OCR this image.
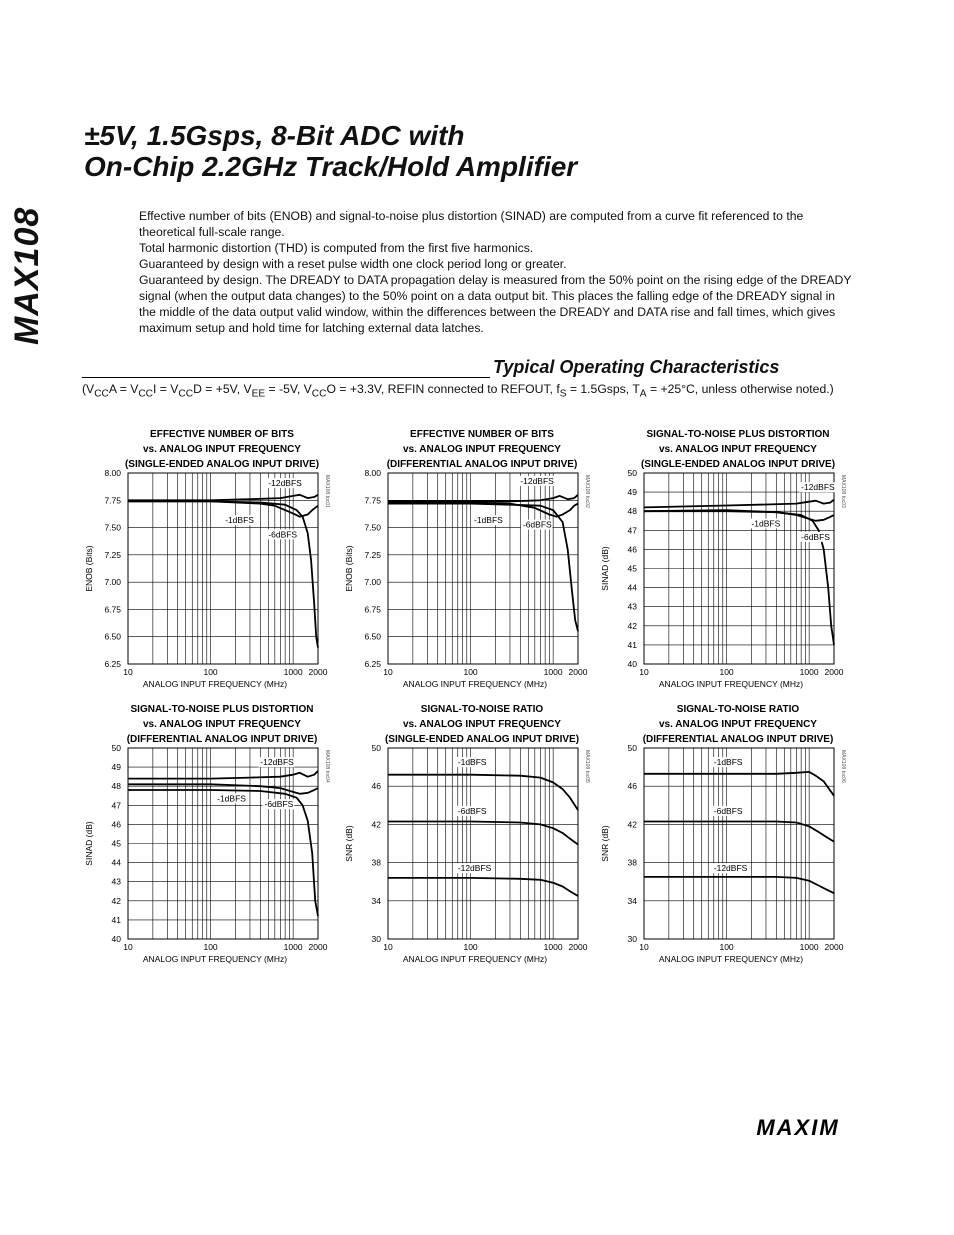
MAX108
±5V, 1.5Gsps, 8-Bit ADC with
On-Chip 2.2GHz Track/Hold Amplifier

Effective number of bits (ENOB) and signal-to-noise plus distortion (SINAD) are computed from a curve fit referenced to the theoretical full-scale range.

Total harmonic distortion (THD) is computed from the first five harmonics.

Guaranteed by design with a reset pulse width one clock period long or greater.

Guaranteed by design. The DREADY to DATA propagation delay is measured from the 50% point on the rising edge of the DREADY signal (when the output data changes) to the 50% point on a data output bit. This places the falling edge of the DREADY signal in the middle of the data output valid window, within the differences between the DREADY and DATA rise and fall times, which gives maximum setup and hold time for latching external data latches.

Typical Operating Characteristics
($V_{CC}A = V_{CC}I = V_{CC}D = +5V$, $V_{EE} = -5V$, $V_{CC}O = +3.3V$, REFIN connected to REFOUT, $f_S$ = 1.5Gsps, $T_A = +25^\circ C$, unless otherwise noted.)
EFFECTIVE NUMBER OF BITS
vs. ANALOG INPUT FREQUENCY
(SINGLE-ENDED ANALOG INPUT DRIVE)
8.00
7.75
7.50
7.25
7.00
6.75
6.50
6.25
10	100	1000 2000
ANALOG INPUT FREQUENCY (MHz)
ENOB (Bits)
MAX108 toc01
-12dBFS
-1dBFS
-6dBFS
EFFECTIVE NUMBER OF BITS
vs. ANALOG INPUT FREQUENCY
(DIFFERENTIAL ANALOG INPUT DRIVE)
8.00
7.75
7.50
7.25
7.00
6.75
6.50
6.25
10	100	1000 2000
ANALOG INPUT FREQUENCY (MHz)
ENOB (Bits)
MAX108 toc02
-12dBFS
-1dBFS -6dBFS
SIGNAL-TO-NOISE PLUS DISTORTION
vs. ANALOG INPUT FREQUENCY
(SINGLE-ENDED ANALOG INPUT DRIVE)
50
49
48
47
46
45
44
43
42
41
40
10	100	1000 2000
ANALOG INPUT FREQUENCY (MHz)
SINAD (dB)
MAX108 toc03
-12dBFS
-1dBFS
-6dBFS
SIGNAL-TO-NOISE PLUS DISTORTION
vs. ANALOG INPUT FREQUENCY
(DIFFERENTIAL ANALOG INPUT DRIVE)
50
49
48
47
46
45
44
43
42
41
40
10	100	1000 2000
ANALOG INPUT FREQUENCY (MHz)
SINAD (dB)
MAX108 toc04
-12dBFS
-1dBFS
-6dBFS
SIGNAL-TO-NOISE RATIO
vs. ANALOG INPUT FREQUENCY
(SINGLE-ENDED ANALOG INPUT DRIVE)
50
46
42
38
34
30
10	100	1000 2000
ANALOG INPUT FREQUENCY (MHz)
SNR (dB)
MAX108 toc05
-1dBFS
-6dBFS
-12dBFS
SIGNAL-TO-NOISE RATIO
vs. ANALOG INPUT FREQUENCY
(DIFFERENTIAL ANALOG INPUT DRIVE)
50
46
42
38
34
30
10	100	1000 2000
ANALOG INPUT FREQUENCY (MHz)
SNR (dB)
MAX108 toc06
-1dBFS
-6dBFS
-12dBFS
MAXIM
